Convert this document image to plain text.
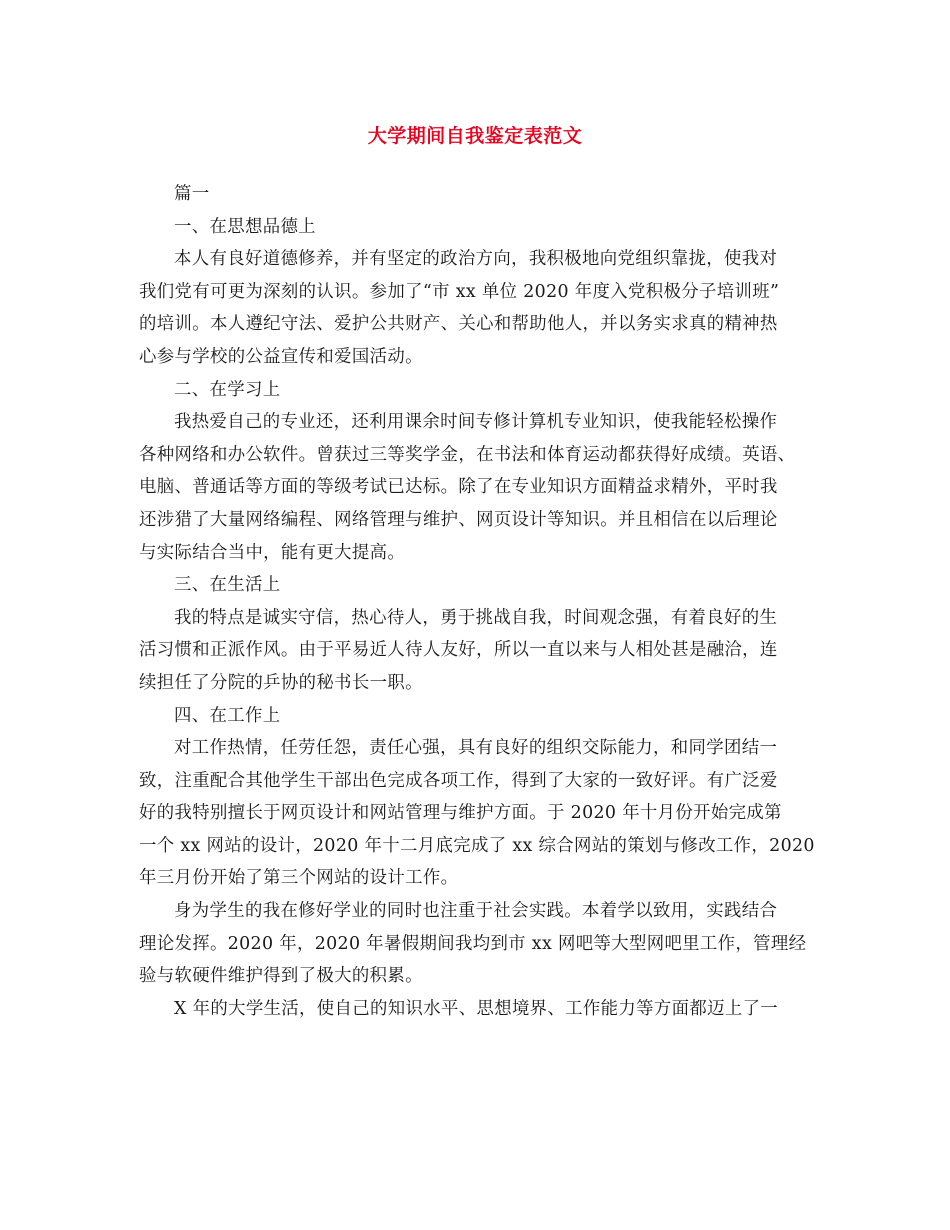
大学期间自我鉴定表范文

篇一

一、在思想品德上

本人有良好道德修养，并有坚定的政治方向，我积极地向党组织靠拢，使我对

我们党有可更为深刻的认识。参加了“市 xx 单位 2020 年度入党积极分子培训班”

的培训。本人遵纪守法、爱护公共财产、关心和帮助他人，并以务实求真的精神热

心参与学校的公益宣传和爱国活动。

二、在学习上

我热爱自己的专业还，还利用课余时间专修计算机专业知识，使我能轻松操作

各种网络和办公软件。曾获过三等奖学金，在书法和体育运动都获得好成绩。英语、

电脑、普通话等方面的等级考试已达标。除了在专业知识方面精益求精外，平时我

还涉猎了大量网络编程、网络管理与维护、网页设计等知识。并且相信在以后理论

与实际结合当中，能有更大提高。

三、在生活上

我的特点是诚实守信，热心待人，勇于挑战自我，时间观念强，有着良好的生

活习惯和正派作风。由于平易近人待人友好，所以一直以来与人相处甚是融洽，连

续担任了分院的乒协的秘书长一职。

四、在工作上

对工作热情，任劳任怨，责任心强，具有良好的组织交际能力，和同学团结一

致，注重配合其他学生干部出色完成各项工作，得到了大家的一致好评。有广泛爱

好的我特别擅长于网页设计和网站管理与维护方面。于 2020 年十月份开始完成第

一个 xx 网站的设计，2020 年十二月底完成了 xx 综合网站的策划与修改工作，2020

年三月份开始了第三个网站的设计工作。

身为学生的我在修好学业的同时也注重于社会实践。本着学以致用，实践结合

理论发挥。2020 年，2020 年暑假期间我均到市 xx 网吧等大型网吧里工作，管理经

验与软硬件维护得到了极大的积累。

X 年的大学生活，使自己的知识水平、思想境界、工作能力等方面都迈上了一
